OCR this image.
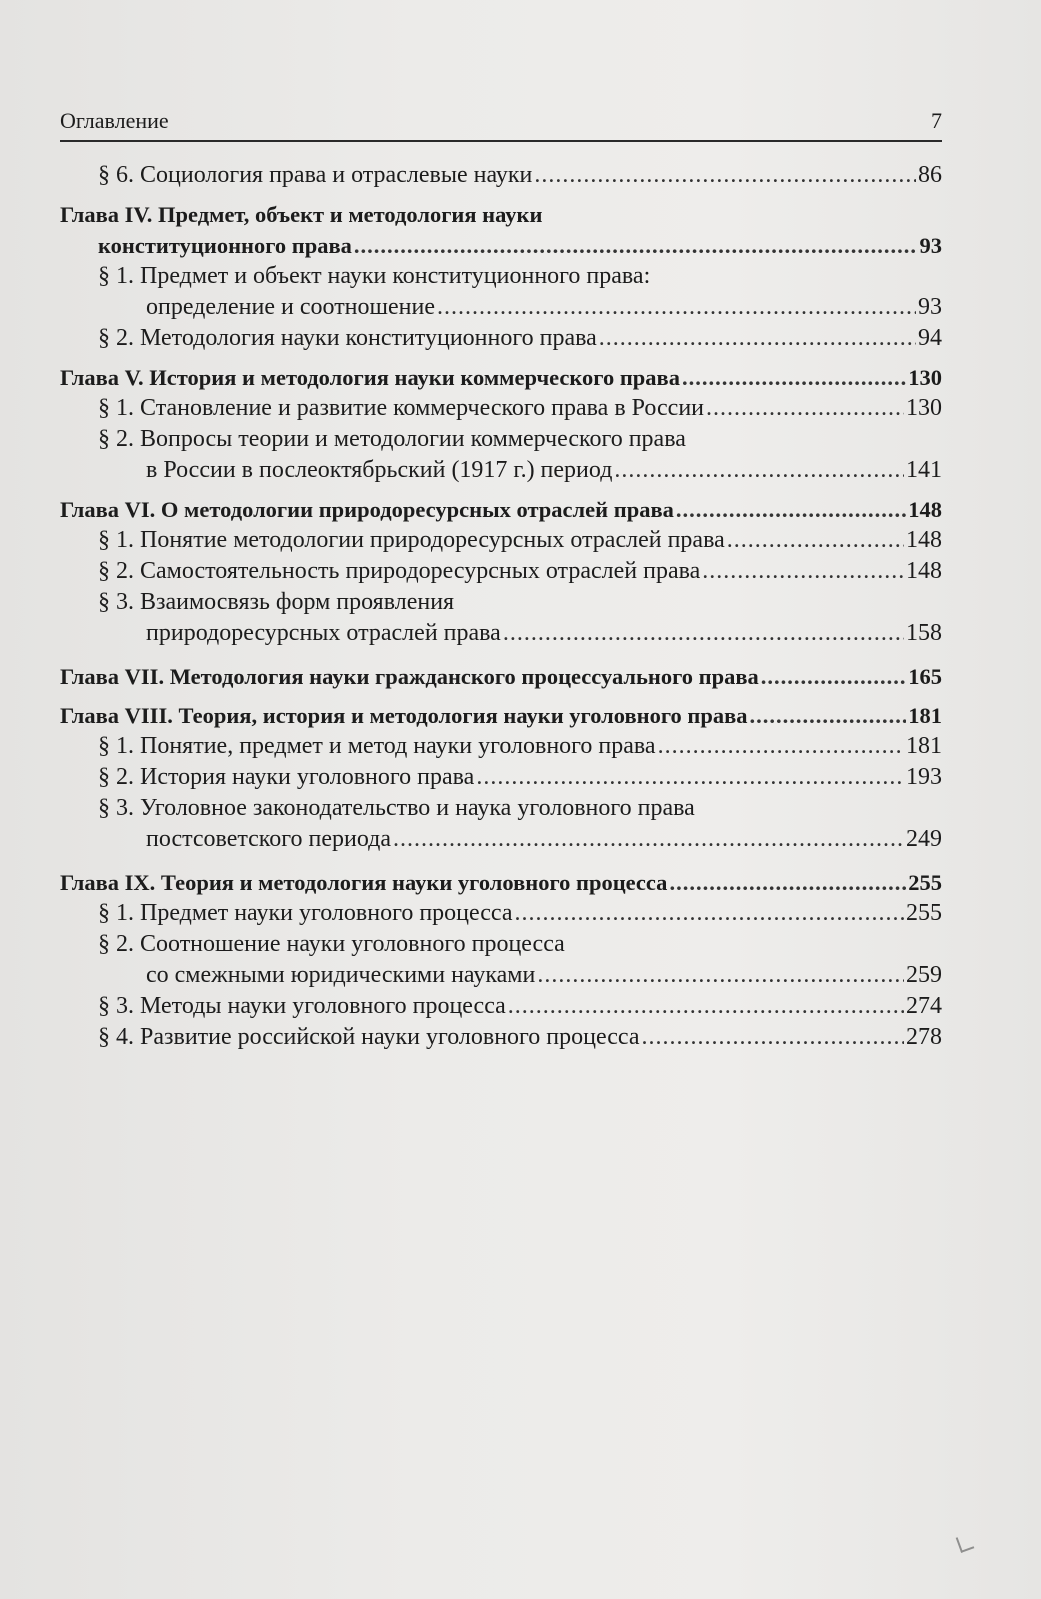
Оглавление	7
§ 6. Социология права и отраслевые науки .....	86
Глава IV. Предмет, объект и методология науки
конституционного права .....	93
§ 1. Предмет и объект науки конституционного права:
определение и соотношение .....	93
§ 2. Методология науки конституционного права .....	94
Глава V. История и методология науки коммерческого права .....	130
§ 1. Становление и развитие коммерческого права в России .....	130
§ 2. Вопросы теории и методологии коммерческого права
в России в послеоктябрьский (1917 г.) период .....	141
Глава VI. О методологии природоресурсных отраслей права .....	148
§ 1. Понятие методологии природоресурсных отраслей права .....	148
§ 2. Самостоятельность природоресурсных отраслей права .....	148
§ 3. Взаимосвязь форм проявления
природоресурсных отраслей права .....	158
Глава VII. Методология науки гражданского процессуального права .....	165
Глава VIII. Теория, история и методология науки уголовного права .....	181
§ 1. Понятие, предмет и метод науки уголовного права .....	181
§ 2. История науки уголовного права .....	193
§ 3. Уголовное законодательство и наука уголовного права
постсоветского периода .....	249
Глава IX. Теория и методология науки уголовного процесса .....	255
§ 1. Предмет науки уголовного процесса .....	255
§ 2. Соотношение науки уголовного процесса
со смежными юридическими науками .....	259
§ 3. Методы науки уголовного процесса .....	274
§ 4. Развитие российской науки уголовного процесса .....	278
